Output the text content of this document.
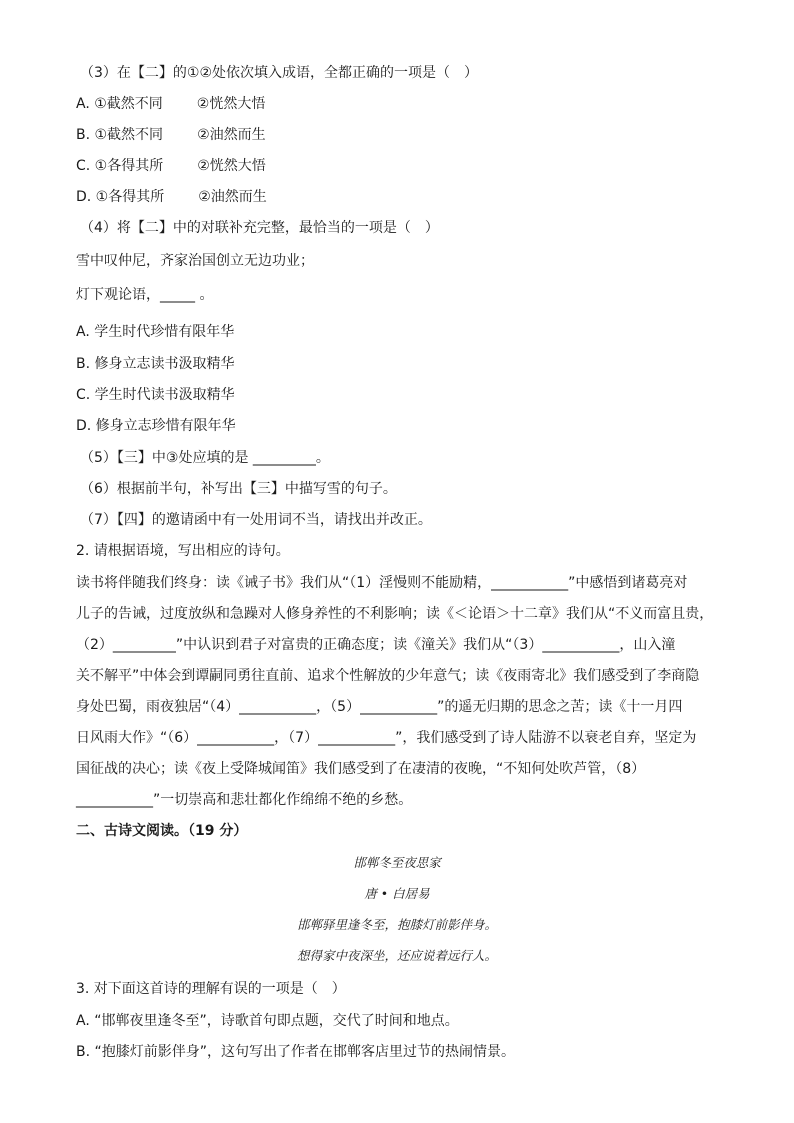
（3）在【二】的①②处依次填入成语，全都正确的一项是（　）
A. ①截然不同 ②恍然大悟
B. ①截然不同 ②油然而生
C. ①各得其所 ②恍然大悟
D. ①各得其所 ②油然而生
（4）将【二】中的对联补充完整，最恰当的一项是（　）
雪中叹仲尼，齐家治国创立无边功业；
灯下观论语，_____ 。
A. 学生时代珍惜有限年华
B. 修身立志读书汲取精华
C. 学生时代读书汲取精华
D. 修身立志珍惜有限年华
（5）【三】中③处应填的是 _________。
（6）根据前半句，补写出【三】中描写雪的句子。
（7）【四】的邀请函中有一处用词不当，请找出并改正。
2. 请根据语境，写出相应的诗句。
读书将伴随我们终身：读《诫子书》我们从“（1）淫慢则不能励精，___________”中感悟到诸葛亮对
儿子的告诫，过度放纵和急躁对人修身养性的不利影响；读《＜论语＞十二章》我们从“不义而富且贵，
（2）_________”中认识到君子对富贵的正确态度；读《潼关》我们从“（3）___________，山入潼
关不解平”中体会到谭嗣同勇往直前、追求个性解放的少年意气；读《夜雨寄北》我们感受到了李商隐
身处巴蜀，雨夜独居“（4）___________，（5）___________”的遥无归期的思念之苦；读《十一月四
日风雨大作》“（6）___________，（7）___________”，我们感受到了诗人陆游不以衰老自弃，坚定为
国征战的决心；读《夜上受降城闻笛》我们感受到了在凄清的夜晚，“不知何处吹芦管，（8）
___________”一切崇高和悲壮都化作绵绵不绝的乡愁。
二、古诗文阅读。（19 分）
邯郸冬至夜思家
唐 • 白居易
邯郸驿里逢冬至，抱膝灯前影伴身。
想得家中夜深坐，还应说着远行人。
3. 对下面这首诗的理解有误的一项是（　）
A. “邯郸夜里逢冬至”，诗歌首句即点题，交代了时间和地点。
B. “抱膝灯前影伴身”，这句写出了作者在邯郸客店里过节的热闹情景。
